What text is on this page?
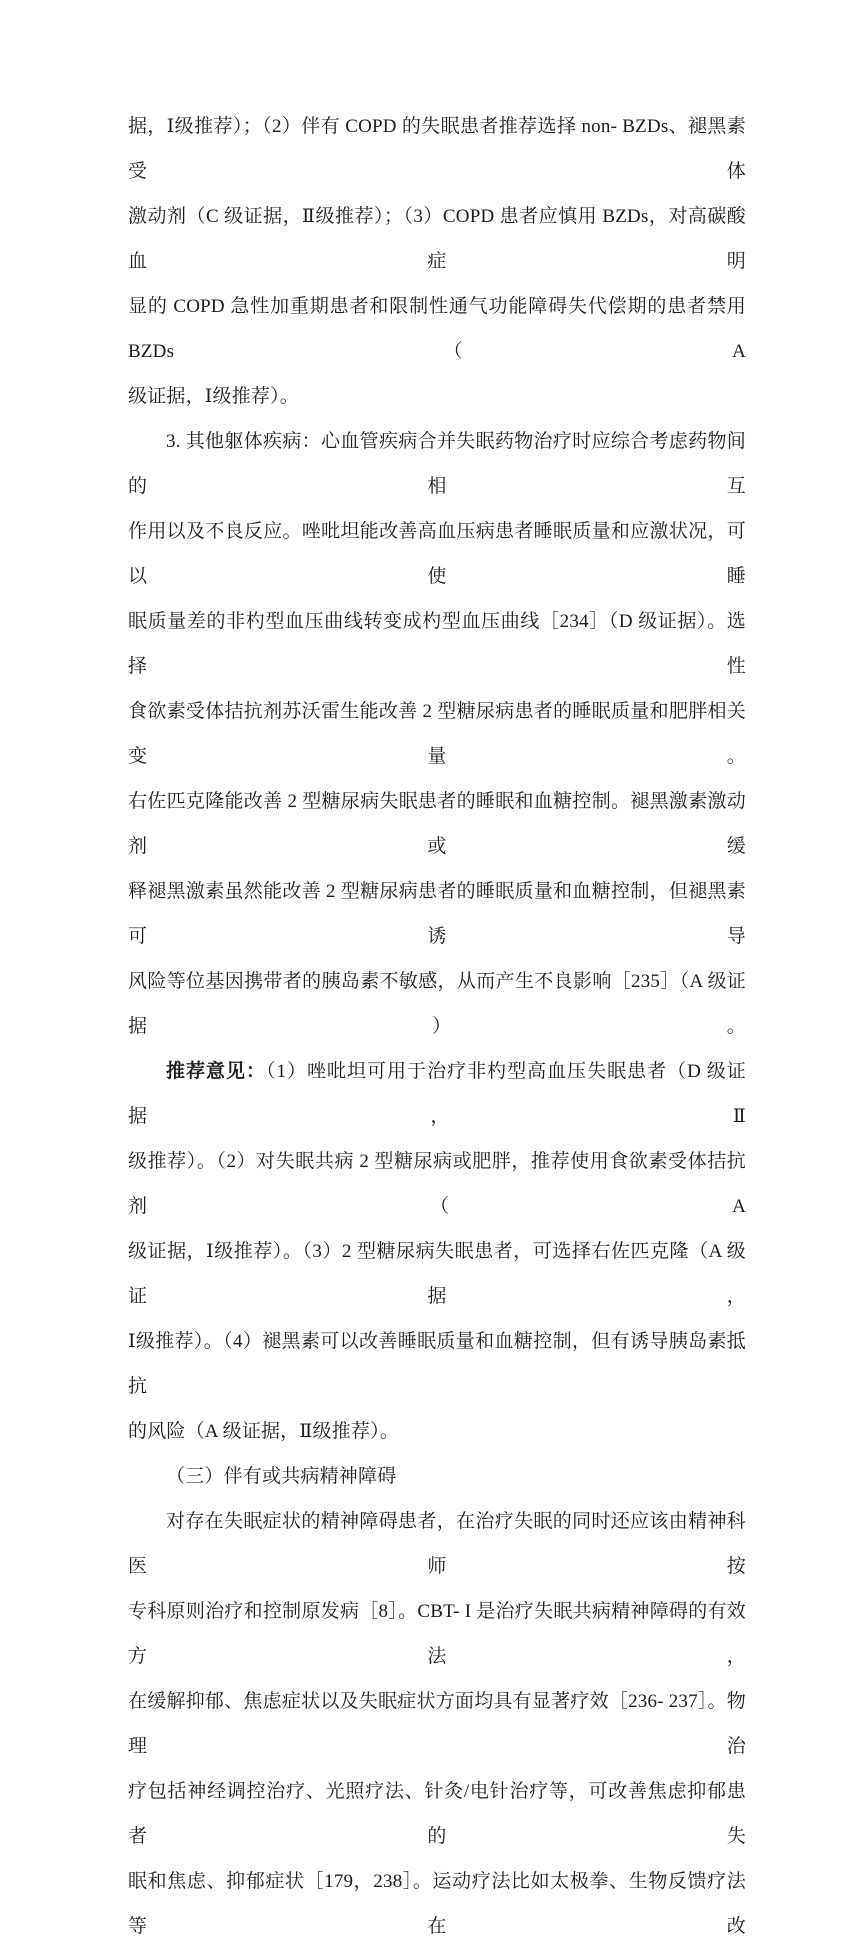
据，Ⅰ级推荐）；（2）伴有 COPD 的失眠患者推荐选择 non- BZDs、褪黑素受体
激动剂（C 级证据，Ⅱ级推荐）；（3）COPD 患者应慎用 BZDs，对高碳酸血症明
显的 COPD 急性加重期患者和限制性通气功能障碍失代偿期的患者禁用 BZDs（A
级证据，Ⅰ级推荐）。
3. 其他躯体疾病：心血管疾病合并失眠药物治疗时应综合考虑药物间的相互
作用以及不良反应。唑吡坦能改善高血压病患者睡眠质量和应激状况，可以使睡
眠质量差的非杓型血压曲线转变成杓型血压曲线［234］（D 级证据）。选择性
食欲素受体拮抗剂苏沃雷生能改善 2 型糖尿病患者的睡眠质量和肥胖相关变量。
右佐匹克隆能改善 2 型糖尿病失眠患者的睡眠和血糖控制。褪黑激素激动剂或缓
释褪黑激素虽然能改善 2 型糖尿病患者的睡眠质量和血糖控制，但褪黑素可诱导
风险等位基因携带者的胰岛素不敏感，从而产生不良影响［235］（A 级证据）。
推荐意见：（1）唑吡坦可用于治疗非杓型高血压失眠患者（D 级证据，Ⅱ
级推荐）。（2）对失眠共病 2 型糖尿病或肥胖，推荐使用食欲素受体拮抗剂（A
级证据，Ⅰ级推荐）。（3）2 型糖尿病失眠患者，可选择右佐匹克隆（A 级证据，
Ⅰ级推荐）。（4）褪黑素可以改善睡眠质量和血糖控制，但有诱导胰岛素抵抗
的风险（A 级证据，Ⅱ级推荐）。
（三）伴有或共病精神障碍
对存在失眠症状的精神障碍患者，在治疗失眠的同时还应该由精神科医师按
专科原则治疗和控制原发病［8］。CBT- I 是治疗失眠共病精神障碍的有效方法，
在缓解抑郁、焦虑症状以及失眠症状方面均具有显著疗效［236- 237］。物理治
疗包括神经调控治疗、光照疗法、针灸/电针治疗等，可改善焦虑抑郁患者的失
眠和焦虑、抑郁症状［179，238］。运动疗法比如太极拳、生物反馈疗法等在改
